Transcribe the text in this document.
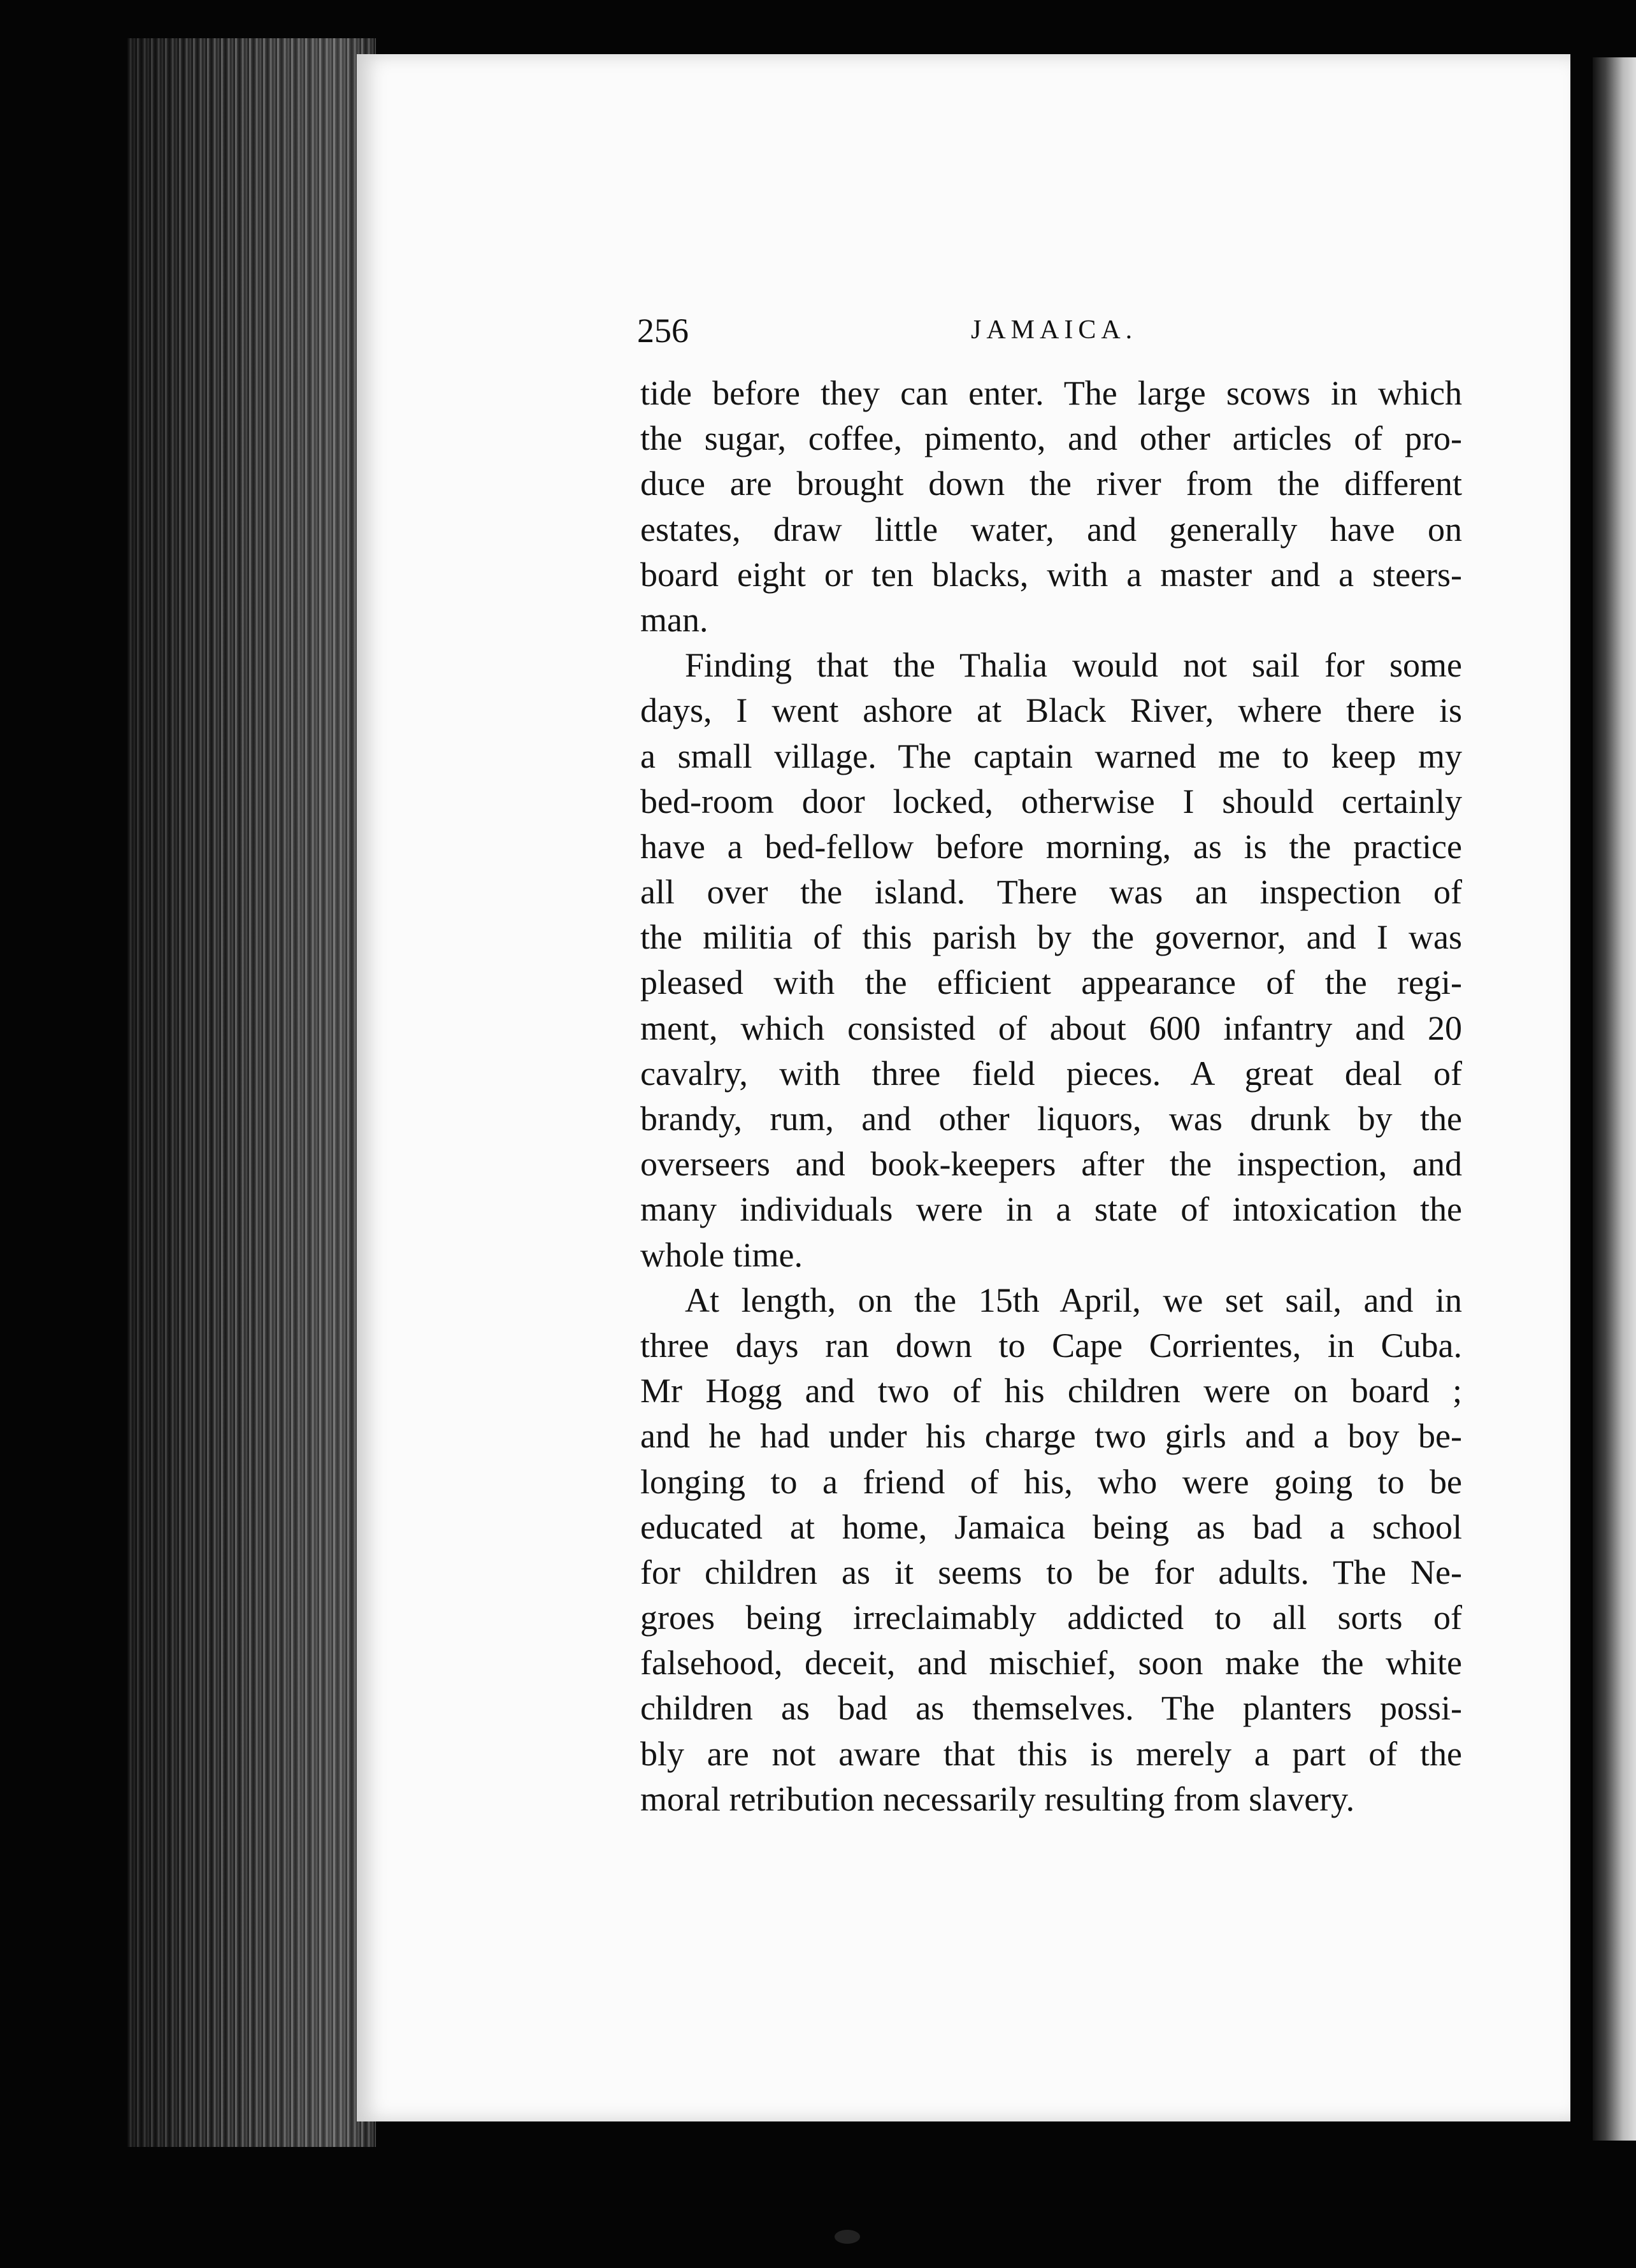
256	JAMAICA.
tide before they can enter. The large scows in which
the sugar, coffee, pimento, and other articles of pro-
duce are brought down the river from the different
estates, draw little water, and generally have on
board eight or ten blacks, with a master and a steers-
man.
Finding that the Thalia would not sail for some
days, I went ashore at Black River, where there is
a small village. The captain warned me to keep my
bed-room door locked, otherwise I should certainly
have a bed-fellow before morning, as is the practice
all over the island. There was an inspection of
the militia of this parish by the governor, and I was
pleased with the efficient appearance of the regi-
ment, which consisted of about 600 infantry and 20
cavalry, with three field pieces. A great deal of
brandy, rum, and other liquors, was drunk by the
overseers and book-keepers after the inspection, and
many individuals were in a state of intoxication the
whole time.
At length, on the 15th April, we set sail, and in
three days ran down to Cape Corrientes, in Cuba.
Mr Hogg and two of his children were on board ;
and he had under his charge two girls and a boy be-
longing to a friend of his, who were going to be
educated at home, Jamaica being as bad a school
for children as it seems to be for adults. The Ne-
groes being irreclaimably addicted to all sorts of
falsehood, deceit, and mischief, soon make the white
children as bad as themselves. The planters possi-
bly are not aware that this is merely a part of the
moral retribution necessarily resulting from slavery.
